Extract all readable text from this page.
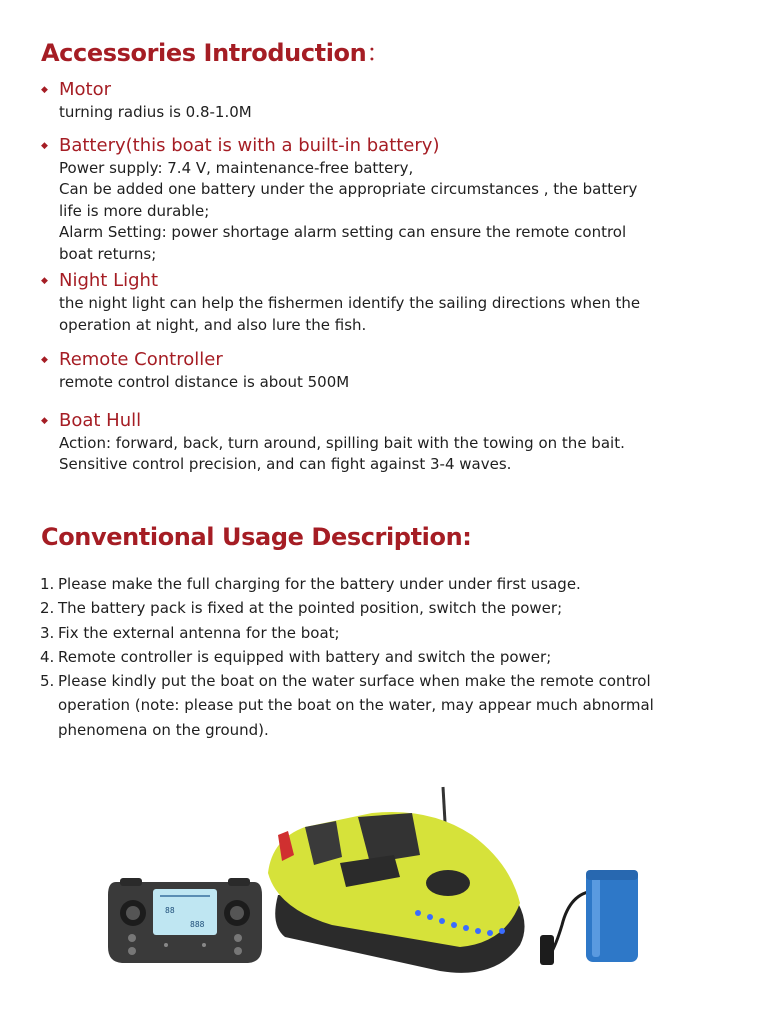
Accessories Introduction：
◆ Motor
turning radius is 0.8-1.0M
◆ Battery(this boat is with a built-in battery)
Power supply: 7.4 V, maintenance-free battery,
Can be added one battery under the appropriate circumstances , the battery
life is more durable;
Alarm Setting: power shortage alarm setting can ensure the remote control
boat returns;
◆ Night Light
the night light can help the fishermen identify the sailing directions when the
operation at night, and also lure the fish.
◆ Remote Controller
remote control distance is about 500M
◆ Boat Hull
Action: forward, back, turn around, spilling bait with the towing on the bait.
Sensitive control precision, and can fight against 3-4 waves.
Conventional Usage Description:
1. Please make the full charging for the battery under under first usage.
2. The battery pack is fixed at the pointed position, switch the power;
3. Fix the external antenna for the boat;
4. Remote controller is equipped with battery and switch the power;
5. Please kindly put the boat on the water surface when make the remote control
operation (note: please put the boat on the water, may appear much abnormal
phenomena on the ground).
88
888
